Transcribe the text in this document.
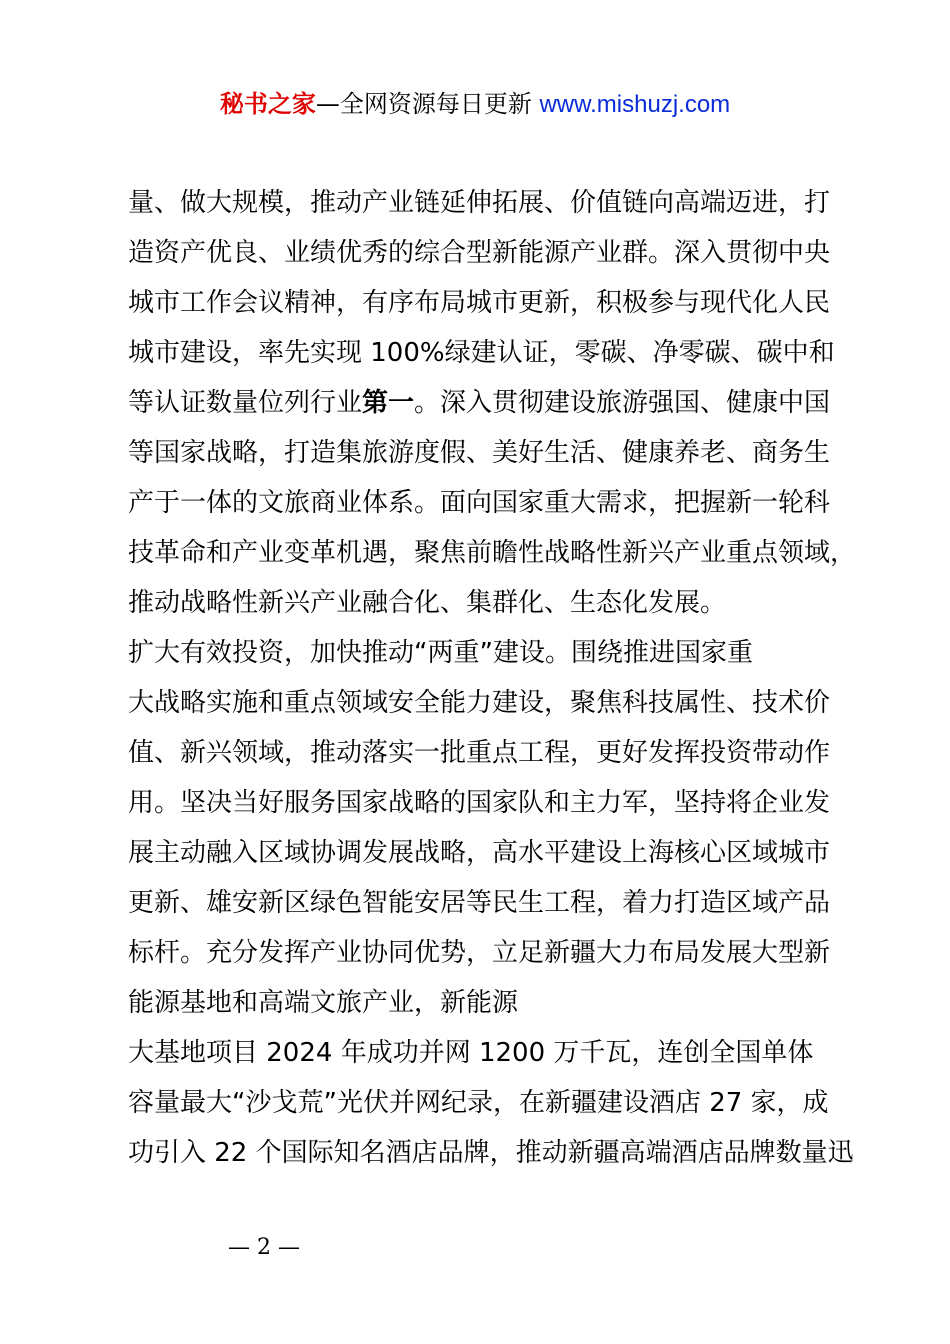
秘书之家—全网资源每日更新 www.mishuzj.com
量、做大规模，推动产业链延伸拓展、价值链向高端迈进，打
造资产优良、业绩优秀的综合型新能源产业群。深入贯彻中央
城市工作会议精神，有序布局城市更新，积极参与现代化人民
城市建设，率先实现 100%绿建认证，零碳、净零碳、碳中和
等认证数量位列行业第一。深入贯彻建设旅游强国、健康中国
等国家战略，打造集旅游度假、美好生活、健康养老、商务生
产于一体的文旅商业体系。面向国家重大需求，把握新一轮科
技革命和产业变革机遇，聚焦前瞻性战略性新兴产业重点领域，
推动战略性新兴产业融合化、集群化、生态化发展。
扩大有效投资，加快推动“两重”建设。围绕推进国家重
大战略实施和重点领域安全能力建设，聚焦科技属性、技术价
值、新兴领域，推动落实一批重点工程，更好发挥投资带动作
用。坚决当好服务国家战略的国家队和主力军，坚持将企业发
展主动融入区域协调发展战略，高水平建设上海核心区域城市
更新、雄安新区绿色智能安居等民生工程，着力打造区域产品
标杆。充分发挥产业协同优势，立足新疆大力布局发展大型新
能源基地和高端文旅产业，新能源
大基地项目 2024 年成功并网 1200 万千瓦，连创全国单体
容量最大“沙戈荒”光伏并网纪录，在新疆建设酒店 27 家，成
功引入 22 个国际知名酒店品牌，推动新疆高端酒店品牌数量迅
— 2 —
